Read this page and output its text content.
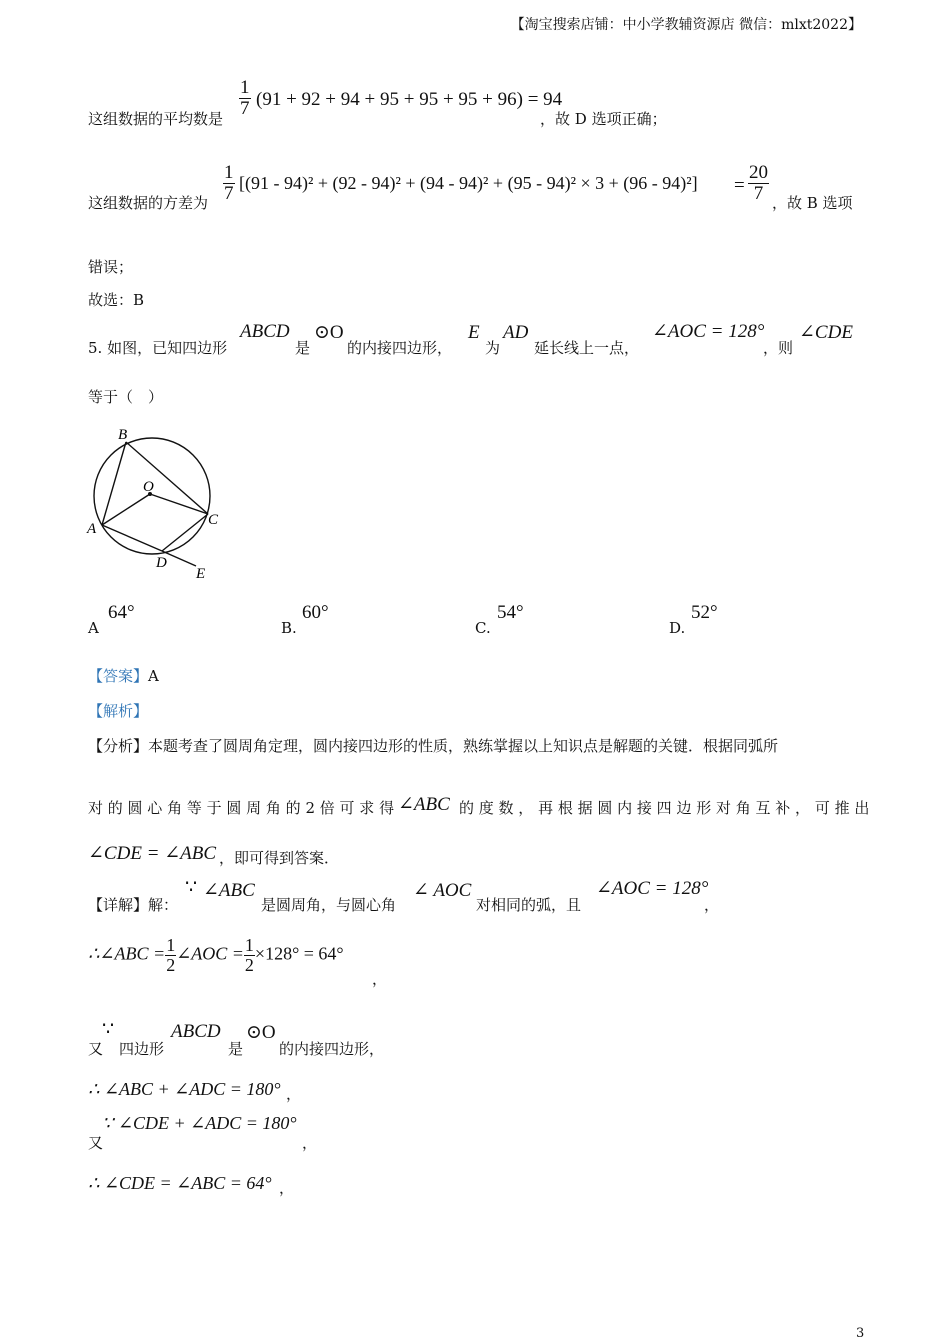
【淘宝搜索店铺：中小学教辅资源店 微信：mlxt2022】
这组数据的平均数是
$\frac{1}{7} (91 + 92 + 94 + 95 + 95 + 95 + 96) = 94$
，故 D 选项正确；
这组数据的方差为 $\frac{1}{7} [(91 - 94)^2 + (92 - 94)^2 + (94 - 94)^2 + (95 - 94)^2 \times 3 + (96 - 94)^2] = \frac{20}{7}$ ，故 B 选项
错误；
故选：B
5. 如图，已知四边形
ABCD
是
⊙O
的内接四边形，
E
为
AD
延长线上一点，
∠AOC = 128°
，则
∠CDE
等于（　）
B
O
A
C
D
E
A
64°
B.
60°
C.
54°
D.
52°
【答案】A
【解析】
【分析】本题考查了圆周角定理，圆内接四边形的性质，熟练掌握以上知识点是解题的关键．根据同弧所
对 的 圆 心 角 等 于 圆 周 角 的 2 倍 可 求 得 ∠ABC 的 度 数 ， 再 根 据 圆 内 接 四 边 形 对 角 互 补 ， 可 推 出
∠CDE = ∠ABC ，即可得到答案．
【详解】解：
∵ ∠ABC
是圆周角，与圆心角
∠ AOC
对相同的弧，且
∠AOC = 128°
，
∴∠ABC = $\frac{1}{2}$ ∠AOC = $\frac{1}{2} \times 128^\circ = 64^\circ$
，
又
∵
四边形
ABCD
是
⊙O
的内接四边形，
∴ ∠ABC + ∠ADC = 180° ，
又
∵ ∠CDE + ∠ADC = 180°
，
∴ ∠CDE = ∠ABC = 64° ，
3
